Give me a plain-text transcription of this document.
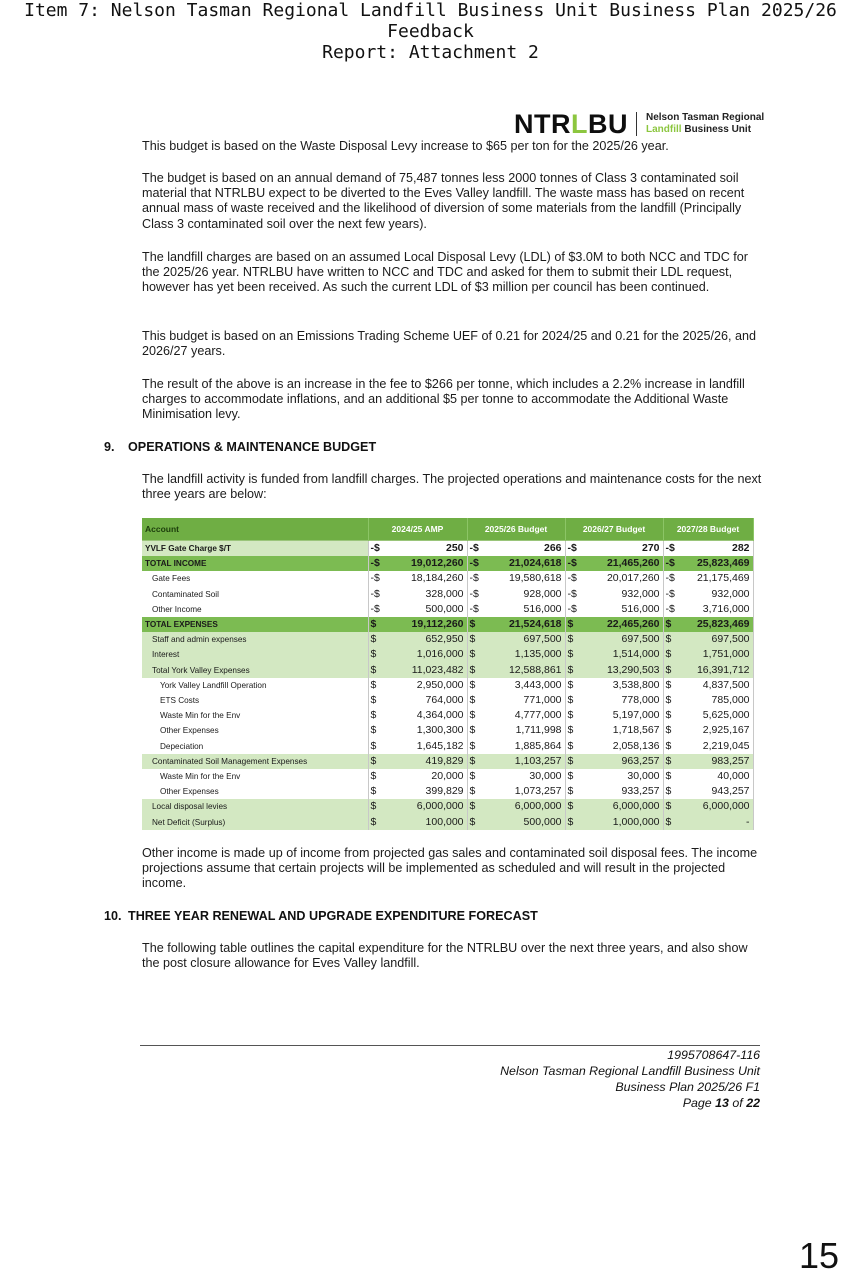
Item 7: Nelson Tasman Regional Landfill Business Unit Business Plan 2025/26 Feedback
Report: Attachment 2
NTRLBU Nelson Tasman Regional
Landfill Business Unit

This budget is based on the Waste Disposal Levy increase to $65 per ton for the 2025/26 year.

The budget is based on an annual demand of 75,487 tonnes less 2000 tonnes of Class 3 contaminated soil material that NTRLBU expect to be diverted to the Eves Valley landfill. The waste mass has based on recent annual mass of waste received and the likelihood of diversion of some materials from the landfill (Principally Class 3 contaminated soil over the next few years).

The landfill charges are based on an assumed Local Disposal Levy (LDL) of $3.0M to both NCC and TDC for the 2025/26 year. NTRLBU have written to NCC and TDC and asked for them to submit their LDL request, however has yet been received. As such the current LDL of $3 million per council has been continued.

This budget is based on an Emissions Trading Scheme UEF of 0.21 for 2024/25 and 0.21 for the 2025/26, and 2026/27 years.

The result of the above is an increase in the fee to $266 per tonne, which includes a 2.2% increase in landfill charges to accommodate inflations, and an additional $5 per tonne to accommodate the Additional Waste Minimisation levy.

9. OPERATIONS & MAINTENANCE BUDGET

The landfill activity is funded from landfill charges. The projected operations and maintenance costs for the next three years are below:

Account	2024/25 AMP		2025/26 Budget		2026/27 Budget		2027/28 Budget	
YVLF Gate Charge $/T	-$	250	-$	266	-$	270	-$	282
TOTAL INCOME	-$	19,012,260	-$	21,024,618	-$	21,465,260	-$	25,823,469
Gate Fees	-$	18,184,260	-$	19,580,618	-$	20,017,260	-$	21,175,469
Contaminated Soil	-$	328,000	-$	928,000	-$	932,000	-$	932,000
Other Income	-$	500,000	-$	516,000	-$	516,000	-$	3,716,000
TOTAL EXPENSES	$	19,112,260	$	21,524,618	$	22,465,260	$	25,823,469
Staff and admin expenses	$	652,950	$	697,500	$	697,500	$	697,500
Interest	$	1,016,000	$	1,135,000	$	1,514,000	$	1,751,000
Total York Valley Expenses	$	11,023,482	$	12,588,861	$	13,290,503	$	16,391,712
York Valley Landfill Operation	$	2,950,000	$	3,443,000	$	3,538,800	$	4,837,500
ETS Costs	$	764,000	$	771,000	$	778,000	$	785,000
Waste Min for the Env	$	4,364,000	$	4,777,000	$	5,197,000	$	5,625,000
Other Expenses	$	1,300,300	$	1,711,998	$	1,718,567	$	2,925,167
Depeciation	$	1,645,182	$	1,885,864	$	2,058,136	$	2,219,045
Contaminated Soil Management Expenses	$	419,829	$	1,103,257	$	963,257	$	983,257
Waste Min for the Env	$	20,000	$	30,000	$	30,000	$	40,000
Other Expenses	$	399,829	$	1,073,257	$	933,257	$	943,257
Local disposal levies	$	6,000,000	$	6,000,000	$	6,000,000	$	6,000,000
Net Deficit (Surplus)	$	100,000	$	500,000	$	1,000,000	$	-

Other income is made up of income from projected gas sales and contaminated soil disposal fees. The income projections assume that certain projects will be implemented as scheduled and will result in the projected income.

10. THREE YEAR RENEWAL AND UPGRADE EXPENDITURE FORECAST

The following table outlines the capital expenditure for the NTRLBU over the next three years, and also show the post closure allowance for Eves Valley landfill.

1995708647-116
Nelson Tasman Regional Landfill Business Unit
Business Plan 2025/26 F1
Page 13 of 22
15
